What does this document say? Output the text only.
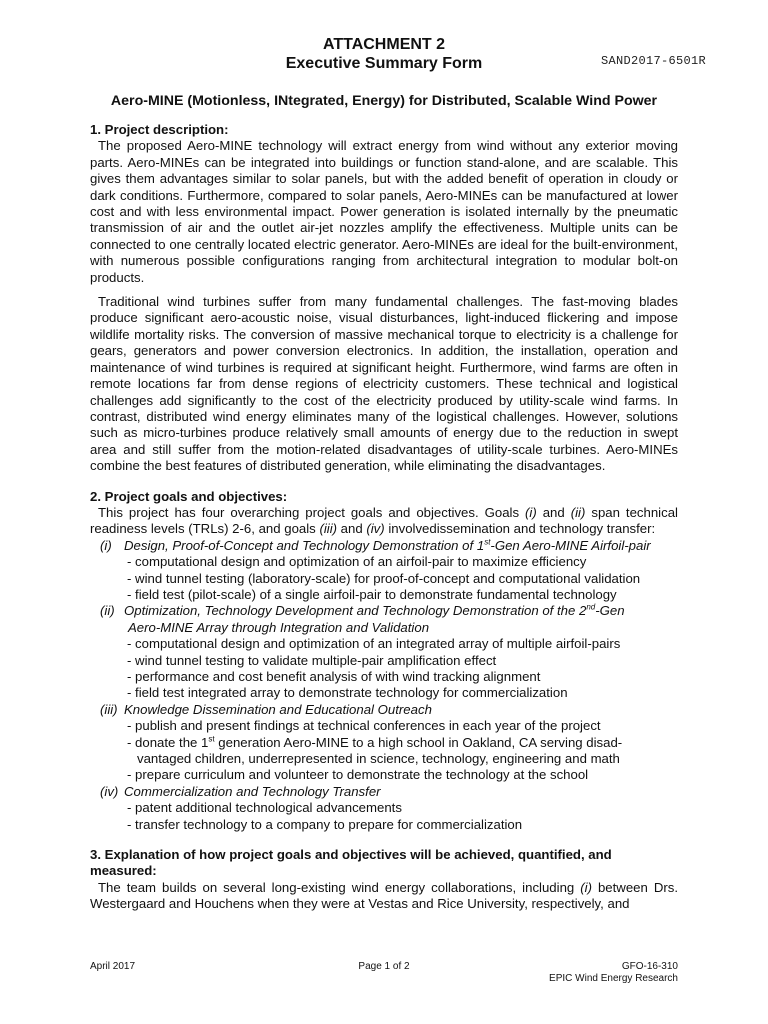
ATTACHMENT 2
Executive Summary Form	SAND2017-6501R
Aero-MINE (Motionless, INtegrated, Energy) for Distributed, Scalable Wind Power

1. Project description:

The proposed Aero-MINE technology will extract energy from wind without any exterior moving parts. Aero-MINEs can be integrated into buildings or function stand-alone, and are scalable. This gives them advantages similar to solar panels, but with the added benefit of operation in cloudy or dark conditions. Furthermore, compared to solar panels, Aero-MINEs can be manufactured at lower cost and with less environmental impact. Power generation is isolated internally by the pneumatic transmission of air and the outlet air-jet nozzles amplify the effectiveness. Multiple units can be connected to one centrally located electric generator. Aero-MINEs are ideal for the built-environment, with numerous possible configurations ranging from architectural integration to modular bolt-on products.

Traditional wind turbines suffer from many fundamental challenges. The fast-moving blades produce significant aero-acoustic noise, visual disturbances, light-induced flickering and impose wildlife mortality risks. The conversion of massive mechanical torque to electricity is a challenge for gears, generators and power conversion electronics. In addition, the installation, operation and maintenance of wind turbines is required at significant height. Furthermore, wind farms are often in remote locations far from dense regions of electricity customers. These technical and logistical challenges add significantly to the cost of the electricity produced by utility-scale wind farms. In contrast, distributed wind energy eliminates many of the logistical challenges. However, solutions such as micro-turbines produce relatively small amounts of energy due to the reduction in swept area and still suffer from the motion-related disadvantages of utility-scale turbines. Aero-MINEs combine the best features of distributed generation, while eliminating the disadvantages.

2. Project goals and objectives:

This project has four overarching project goals and objectives. Goals (i) and (ii) span technical readiness levels (TRLs) 2-6, and goals (iii) and (iv) involvedissemination and technology transfer:

(i) Design, Proof-of-Concept and Technology Demonstration of 1st-Gen Aero-MINE Airfoil-pair

- computational design and optimization of an airfoil-pair to maximize efficiency

- wind tunnel testing (laboratory-scale) for proof-of-concept and computational validation

- field test (pilot-scale) of a single airfoil-pair to demonstrate fundamental technology

(ii) Optimization, Technology Development and Technology Demonstration of the 2nd-Gen

Aero-MINE Array through Integration and Validation

- computational design and optimization of an integrated array of multiple airfoil-pairs

- wind tunnel testing to validate multiple-pair amplification effect

- performance and cost benefit analysis of with wind tracking alignment

- field test integrated array to demonstrate technology for commercialization

(iii) Knowledge Dissemination and Educational Outreach

- publish and present findings at technical conferences in each year of the project

- donate the 1st generation Aero-MINE to a high school in Oakland, CA serving disad-

vantaged children, underrepresented in science, technology, engineering and math

- prepare curriculum and volunteer to demonstrate the technology at the school

(iv) Commercialization and Technology Transfer

- patent additional technological advancements

- transfer technology to a company to prepare for commercialization

3. Explanation of how project goals and objectives will be achieved, quantified, and measured:

The team builds on several long-existing wind energy collaborations, including (i) between Drs. Westergaard and Houchens when they were at Vestas and Rice University, respectively, and

April 2017	Page 1 of 2	GFO-16-310
EPIC Wind Energy Research
